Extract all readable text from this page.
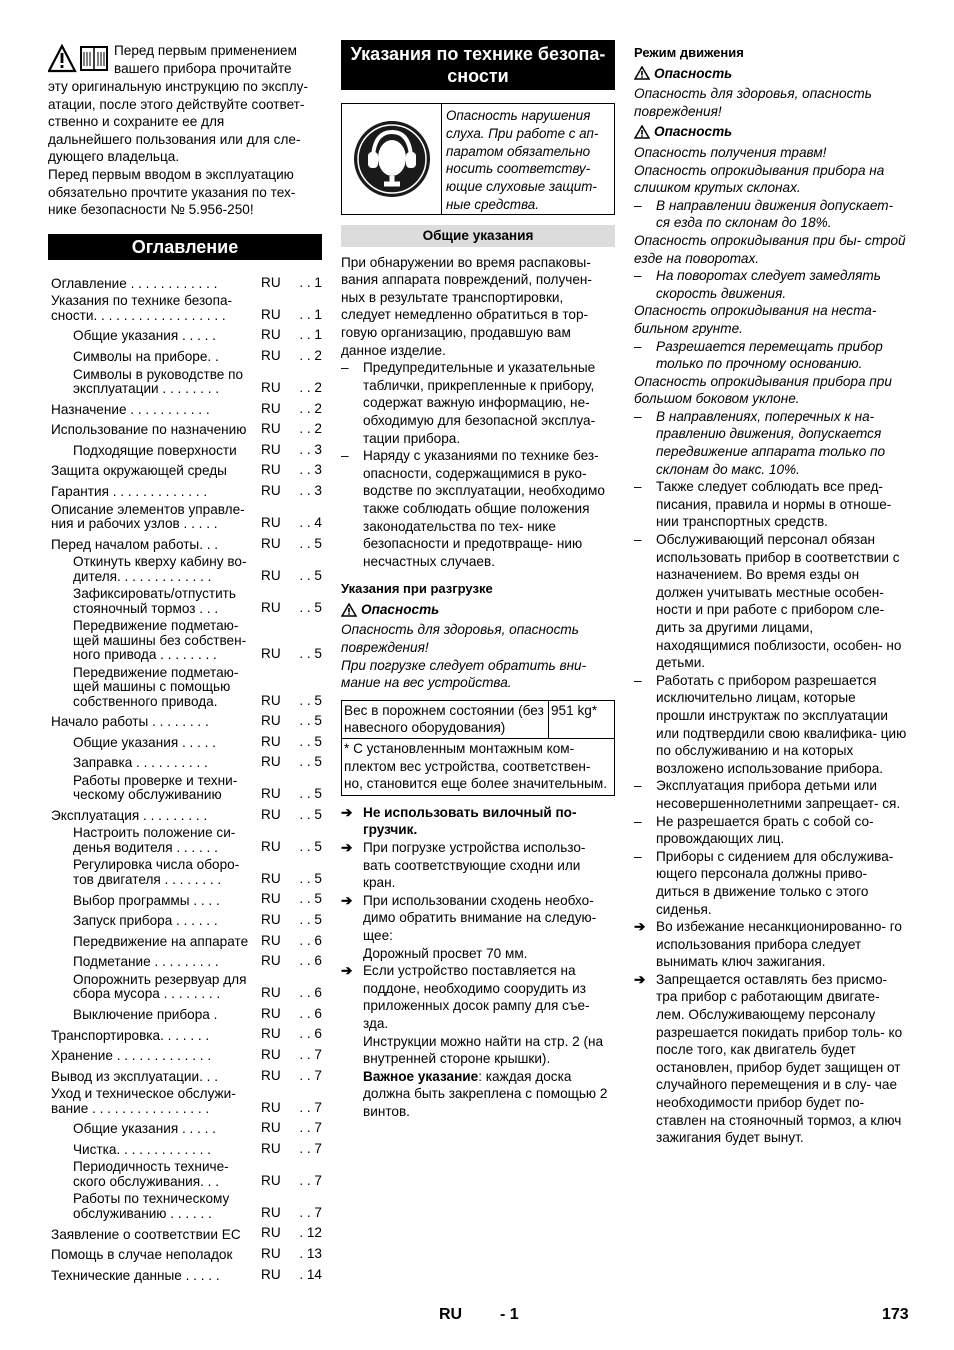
Перед первым применением

вашего прибора прочитайте

эту оригинальную инструкцию по эксплу-

атации, после этого действуйте соответ-

ственно и сохраните ее для

дальнейшего пользования или для сле-

дующего владельца.

Перед первым вводом в эксплуатацию

обязательно прочтите указания по тех-

нике безопасности № 5.956-250!

Оглавление
Оглавление . . . . . . . . . . . .	RU	. . 1
Указания по технике безопа- сности. . . . . . . . . . . . . . . . . .	RU	. . 1
Общие указания . . . . .	RU	. . 1
Символы на приборе. .	RU	. . 2
Символы в руководстве по эксплуатации . . . . . . . .	RU	. . 2
Назначение . . . . . . . . . . .	RU	. . 2
Использование по назначению	RU	. . 2
Подходящие поверхности	RU	. . 3
Защита окружающей среды	RU	. . 3
Гарантия . . . . . . . . . . . . .	RU	. . 3
Описание элементов управле- ния и рабочих узлов . . . . .	RU	. . 4
Перед началом работы. . .	RU	. . 5
Откинуть кверху кабину во- дителя. . . . . . . . . . . . .	RU	. . 5
Зафиксировать/отпустить стояночный тормоз . . .	RU	. . 5
Передвижение подметаю- щей машины без собствен- ного привода . . . . . . . .	RU	. . 5
Передвижение подметаю- щей машины с помощью собственного привода.	RU	. . 5
Начало работы . . . . . . . .	RU	. . 5
Общие указания . . . . .	RU	. . 5
Заправка . . . . . . . . . .	RU	. . 5
Работы проверке и техни- ческому обслуживанию	RU	. . 5
Эксплуатация . . . . . . . . .	RU	. . 5
Настроить положение си- денья водителя . . . . . .	RU	. . 5
Регулировка числа оборо- тов двигателя . . . . . . . .	RU	. . 5
Выбор программы . . . .	RU	. . 5
Запуск прибора . . . . . .	RU	. . 5
Передвижение на аппарате RU	. . 6
Подметание . . . . . . . . .	RU	. . 6
Опорожнить резервуар для сбора мусора . . . . . . . .	RU	. . 6
Выключение прибора .	RU	. . 6
Транспортировка. . . . . . .	RU	. . 6
Хранение . . . . . . . . . . . . .	RU	. . 7
Вывод из эксплуатации. . .	RU	. . 7
Уход и техническое обслужи- вание . . . . . . . . . . . . . . . .	RU	. . 7
Общие указания . . . . .	RU	. . 7
Чистка. . . . . . . . . . . . .	RU	. . 7
Периодичность техниче- ского обслуживания. . .	RU	. . 7
Работы по техническому обслуживанию . . . . . .	RU	. . 7
Заявление о соответствии ЕС	RU	. 12
Помощь в случае неполадок	RU	. 13
Технические данные . . . . .	RU	. 14
Указания по технике безопа-
сности
Опасность нарушения слуха. При работе с ап- паратом обязательно носить соответству- ющие слуховые защит- ные средства.
Общие указания

При обнаружении во время распаковы- вания аппарата повреждений, получен- ных в результате транспортировки, следует немедленно обратиться в тор- говую организацию, продавшую вам данное изделие.

–	Предупредительные и указательные таблички, прикрепленные к прибору, содержат важную информацию, не- обходимую для безопасной эксплуа- тации прибора.
–	Наряду с указаниями по технике без- опасности, содержащимися в руко- водстве по эксплуатации, необходимо также соблюдать общие положения законодательства по тех- нике безопасности и предотвраще- нию несчастных случаев.
Указания при разгрузке
Опасность

Опасность для здоровья, опасность повреждения!

При погрузке следует обратить вни- мание на вес устройства.

Вес в порожнем состоянии (без навесного оборудования)
951 kg*
* С установленным монтажным ком- плектом вес устройства, соответствен- но, становится еще более значительным.
➔ Не использовать вилочный по- грузчик.
➔ При погрузке устройства использо- вать соответствующие сходни или кран.
➔ При использовании сходень необхо- димо обратить внимание на следую- щее:

Дорожный просвет 70 мм.

➔ Если устройство поставляется на поддоне, необходимо соорудить из приложенных досок рампу для съе- зда.

Инструкции можно найти на стр. 2 (на внутренней стороне крышки).

Важное указание: каждая доска должна быть закреплена с помощью 2 винтов.

Режим движения
Опасность

Опасность для здоровья, опасность повреждения!

Опасность

Опасность получения травм!

Опасность опрокидывания прибора на слишком крутых склонах.

–	В направлении движения допускает- ся езда по склонам до 18%.

Опасность опрокидывания при бы- строй езде на поворотах.

–	На поворотах следует замедлять скорость движения.

Опасность опрокидывания на неста- бильном грунте.

–	Разрешается перемещать прибор только по прочному основанию.

Опасность опрокидывания прибора при большом боковом уклоне.

–	В направлениях, поперечных к на- правлению движения, допускается передвижение аппарата только по склонам до макс. 10%.
–	Также следует соблюдать все пред- писания, правила и нормы в отноше- нии транспортных средств.
–	Обслуживающий персонал обязан использовать прибор в соответствии с назначением. Во время езды он должен учитывать местные особен- ности и при работе с прибором сле- дить за другими лицами, находящимися поблизости, особен- но детьми.
–	Работать с прибором разрешается исключительно лицам, которые прошли инструктаж по эксплуатации или подтвердили свою квалифика- цию по обслуживанию и на которых возложено использование прибора.
–	Эксплуатация прибора детьми или несовершеннолетними запрещает- ся.
–	Не разрешается брать с собой со- провождающих лиц.
–	Приборы с сидением для обслужива- ющего персонала должны приво- диться в движение только с этого сиденья.
➔ Во избежание несанкционированно- го использования прибора следует вынимать ключ зажигания.
➔ Запрещается оставлять без присмо- тра прибор с работающим двигате- лем. Обслуживающему персоналу разрешается покидать прибор толь- ко после того, как двигатель будет остановлен, прибор будет защищен от случайного перемещения и в слу- чае необходимости прибор будет по- ставлен на стояночный тормоз, а ключ зажигания будет вынут.
RU - 1	173
